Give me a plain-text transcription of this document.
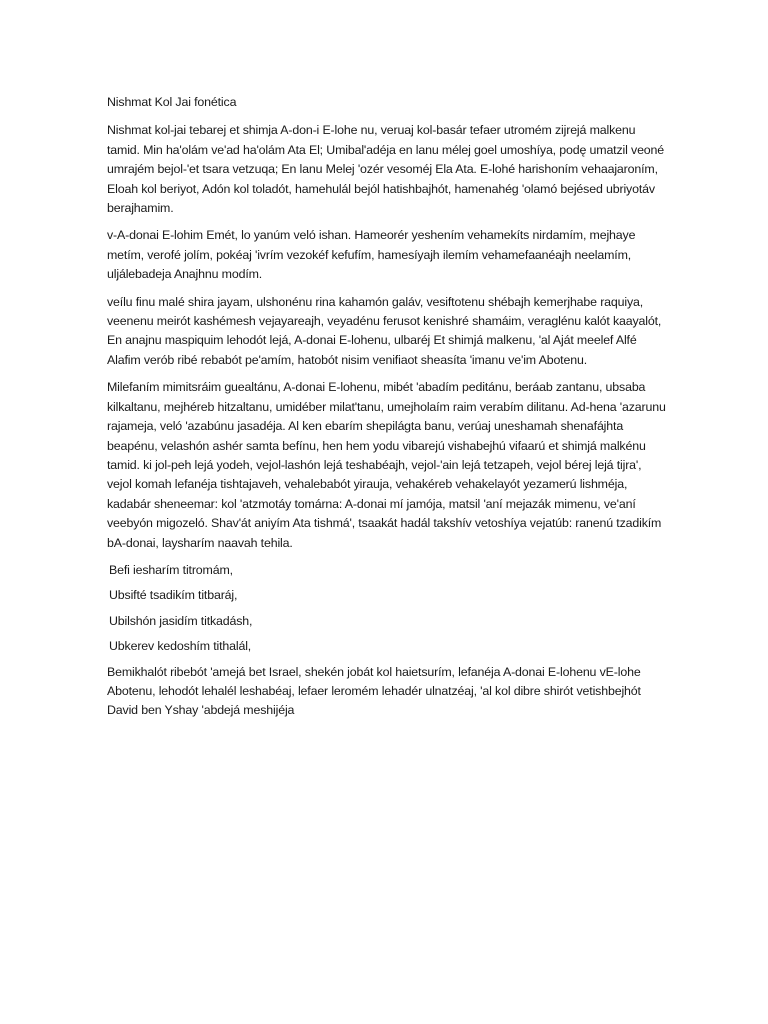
Nishmat Kol Jai fonética

Nishmat kol-jai tebarej et shimja A-don-i E-lohe nu, veruaj kol-basár tefaer utromém zijrejá malkenu tamid. Min ha'olám ve'ad ha'olám Ata El; Umibal'adéja en lanu mélej goel umoshíya, podę umatzil veoné umrajém bejol-'et tsara vetzuqa; En lanu Melej 'ozér vesoméj Ela Ata. E-lohé harishoním vehaajaroním, Eloah kol beriyot, Adón kol toladót, hamehulál bejól hatishbajhót, hamenahég 'olamó bejésed ubriyotáv berajhamim.

v-A-donai E-lohim Emét, lo yanúm veló ishan. Hameorér yeshením vehamekíts nirdamím, mejhaye metím, verofé jolím, pokéaj 'ivrím vezokéf kefufím, hamesíyajh ilemím vehamefaanéajh neelamím, uljálebadeja Anajhnu modím.

veílu finu malé shira jayam, ulshonénu rina kahamón galáv, vesiftotenu shébajh kemerjhabe raquiya, veenenu meirót kashémesh vejayareajh, veyadénu ferusot kenishré shamáim, veraglénu kalót kaayalót, En anajnu maspiquim lehodót lejá, A-donai E-lohenu, ulbaréj Et shimjá malkenu, 'al Aját meelef Alfé Alafim verób ribé rebabót pe'amím, hatobót nisim venifiaot sheasíta 'imanu ve'im Abotenu.

Milefaním mimitsráim guealtánu, A-donai E-lohenu, mibét 'abadím peditánu, beráab zantanu, ubsaba kilkaltanu, mejhéreb hitzaltanu, umidéber milat'tanu, umejholaím raim verabím dilitanu. Ad-hena 'azarunu rajameja, veló 'azabúnu jasadéja. Al ken ebarím shepilágta banu, verúaj uneshamah shenafájhta beapénu, velashón ashér samta befínu, hen hem yodu vibarejú vishabejhú vifaarú et shimjá malkénu tamid. ki jol-peh lejá yodeh, vejol-lashón lejá teshabéajh, vejol-'ain lejá tetzapeh, vejol bérej lejá tijra', vejol komah lefanéja tishtajaveh, vehalebabót yirauja, vehakéreb vehakelayót yezamerú lishméja, kadabár sheneemar: kol 'atzmotáy tomárna: A-donai mí jamója, matsil 'aní mejazák mimenu, ve'aní veebyón migozeló. Shav'át aniyím Ata tishmá', tsaakát hadál takshív vetoshíya vejatúb: ranenú tzadikím bA-donai, laysharím naavah tehila.

Befi iesharím titromám,

Ubsifté tsadikím titbaráj,

Ubilshón jasidím titkadásh,

Ubkerev kedoshím tithalál,

Bemikhalót ribebót 'amejá bet Israel, shekén jobát kol haietsurím, lefanéja A-donai E-lohenu vE-lohe Abotenu, lehodót lehalél leshabéaj, lefaer leromém lehadér ulnatzéaj, 'al kol dibre shirót vetishbejhót David ben Yshay 'abdejá meshijéja
